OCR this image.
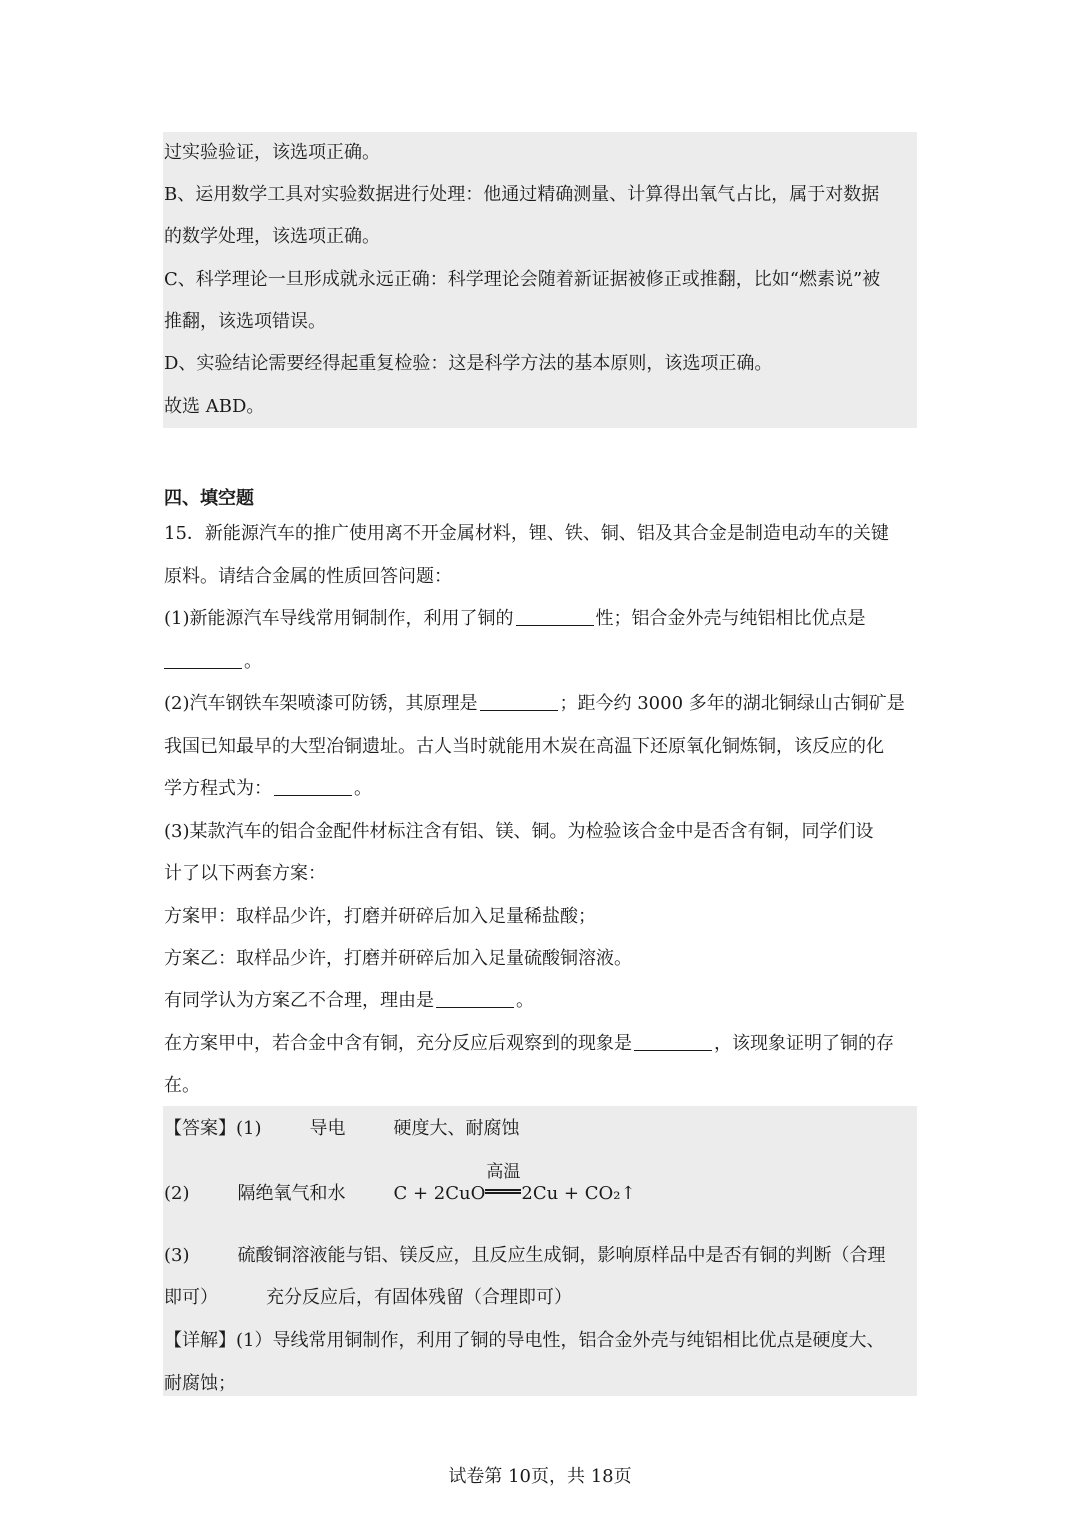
过实验验证，该选项正确。
B、运用数学工具对实验数据进行处理：他通过精确测量、计算得出氧气占比，属于对数据
的数学处理，该选项正确。
C、科学理论一旦形成就永远正确：科学理论会随着新证据被修正或推翻，比如“燃素说”被
推翻，该选项错误。
D、实验结论需要经得起重复检验：这是科学方法的基本原则，该选项正确。
故选 ABD。
四、填空题
15．新能源汽车的推广使用离不开金属材料，锂、铁、铜、铝及其合金是制造电动车的关键
原料。请结合金属的性质回答问题：
(1)新能源汽车导线常用铜制作，利用了铜的	性；铝合金外壳与纯铝相比优点是
。
(2)汽车钢铁车架喷漆可防锈，其原理是	；距今约 3000 多年的湖北铜绿山古铜矿是
我国已知最早的大型冶铜遗址。古人当时就能用木炭在高温下还原氧化铜炼铜，该反应的化
学方程式为：	。
(3)某款汽车的铝合金配件材标注含有铝、镁、铜。为检验该合金中是否含有铜，同学们设
计了以下两套方案：
方案甲：取样品少许，打磨并研碎后加入足量稀盐酸；
方案乙：取样品少许，打磨并研碎后加入足量硫酸铜溶液。
有同学认为方案乙不合理，理由是	。
在方案甲中，若合金中含有铜，充分反应后观察到的现象是	，该现象证明了铜的存
在。
【答案】(1)	导电	硬度大、耐腐蚀
(2)	隔绝氧气和水	C + 2CuO
高温
2Cu + CO₂↑
(3)	硫酸铜溶液能与铝、镁反应，且反应生成铜，影响原样品中是否有铜的判断（合理
即可）	充分反应后，有固体残留（合理即可）
【详解】(1）导线常用铜制作，利用了铜的导电性，铝合金外壳与纯铝相比优点是硬度大、
耐腐蚀；
试卷第 10页，共 18页
